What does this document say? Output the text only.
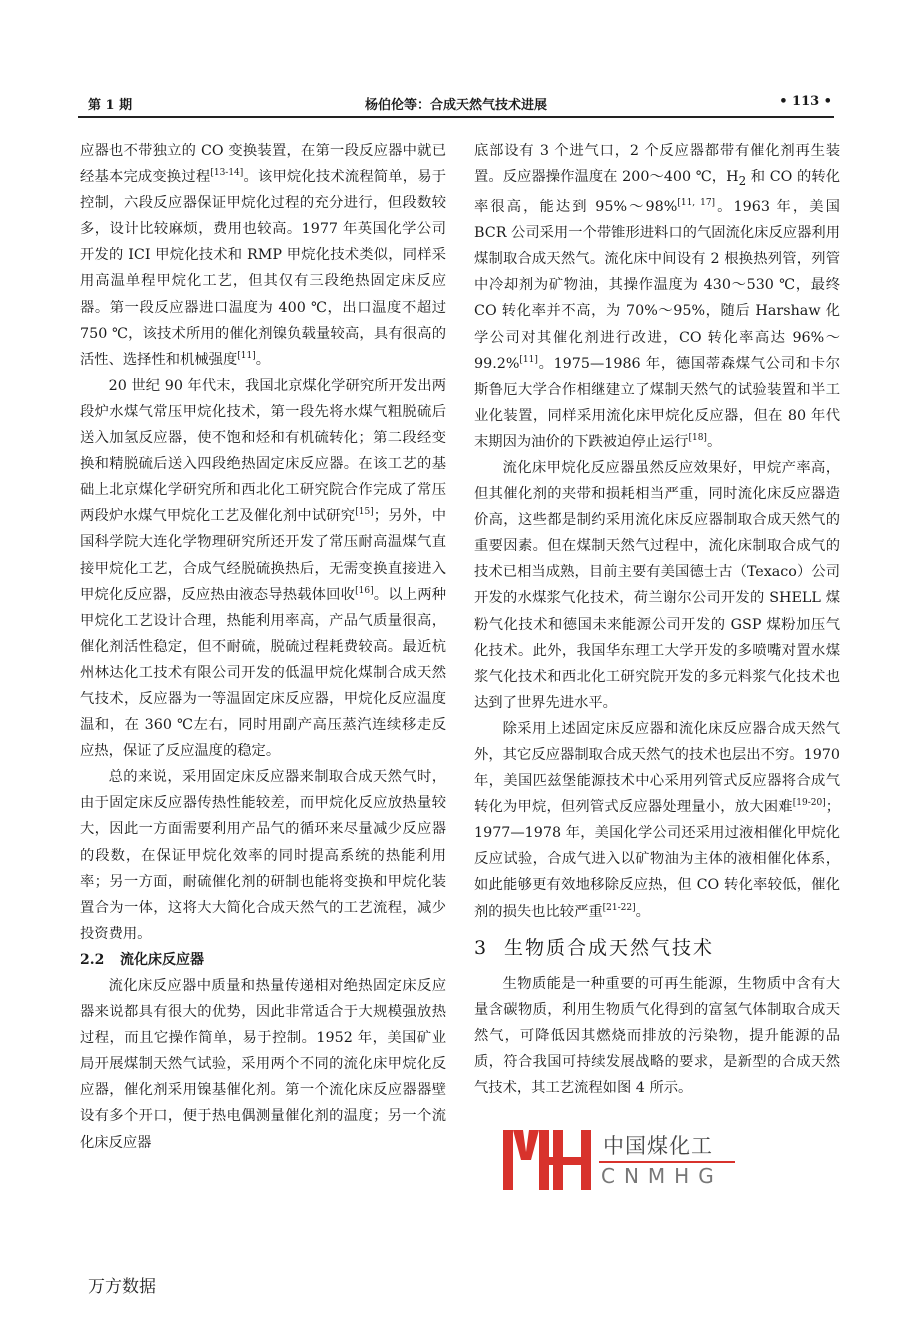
第 1 期	杨伯伦等：合成天然气技术进展	• 113 •

应器也不带独立的 CO 变换装置，在第一段反应器中就已经基本完成变换过程[13-14]。该甲烷化技术流程简单，易于控制，六段反应器保证甲烷化过程的充分进行，但段数较多，设计比较麻烦，费用也较高。1977 年英国化学公司开发的 ICI 甲烷化技术和 RMP 甲烷化技术类似，同样采用高温单程甲烷化工艺，但其仅有三段绝热固定床反应器。第一段反应器进口温度为 400 ℃，出口温度不超过 750 ℃，该技术所用的催化剂镍负载量较高，具有很高的活性、选择性和机械强度[11]。

20 世纪 90 年代末，我国北京煤化学研究所开发出两段炉水煤气常压甲烷化技术，第一段先将水煤气粗脱硫后送入加氢反应器，使不饱和烃和有机硫转化；第二段经变换和精脱硫后送入四段绝热固定床反应器。在该工艺的基础上北京煤化学研究所和西北化工研究院合作完成了常压两段炉水煤气甲烷化工艺及催化剂中试研究[15]；另外，中国科学院大连化学物理研究所还开发了常压耐高温煤气直接甲烷化工艺，合成气经脱硫换热后，无需变换直接进入甲烷化反应器，反应热由液态导热载体回收[16]。以上两种甲烷化工艺设计合理，热能利用率高，产品气质量很高，催化剂活性稳定，但不耐硫，脱硫过程耗费较高。最近杭州林达化工技术有限公司开发的低温甲烷化煤制合成天然气技术，反应器为一等温固定床反应器，甲烷化反应温度温和，在 360 ℃左右，同时用副产高压蒸汽连续移走反应热，保证了反应温度的稳定。

总的来说，采用固定床反应器来制取合成天然气时，由于固定床反应器传热性能较差，而甲烷化反应放热量较大，因此一方面需要利用产品气的循环来尽量减少反应器的段数，在保证甲烷化效率的同时提高系统的热能利用率；另一方面，耐硫催化剂的研制也能将变换和甲烷化装置合为一体，这将大大简化合成天然气的工艺流程，减少投资费用。

2.2 流化床反应器

流化床反应器中质量和热量传递相对绝热固定床反应器来说都具有很大的优势，因此非常适合于大规模强放热过程，而且它操作简单，易于控制。1952 年，美国矿业局开展煤制天然气试验，采用两个不同的流化床甲烷化反应器，催化剂采用镍基催化剂。第一个流化床反应器器壁设有多个开口，便于热电偶测量催化剂的温度；另一个流化床反应器

底部设有 3 个进气口，2 个反应器都带有催化剂再生装置。反应器操作温度在 200～400 ℃，$H_2$ 和 CO 的转化率很高，能达到 95%～98%[11, 17]。1963 年，美国 BCR 公司采用一个带锥形进料口的气固流化床反应器利用煤制取合成天然气。流化床中间设有 2 根换热列管，列管中冷却剂为矿物油，其操作温度为 430～530 ℃，最终 CO 转化率并不高，为 70%～95%，随后 Harshaw 化学公司对其催化剂进行改进，CO 转化率高达 96%～99.2%[11]。1975—1986 年，德国蒂森煤气公司和卡尔斯鲁厄大学合作相继建立了煤制天然气的试验装置和半工业化装置，同样采用流化床甲烷化反应器，但在 80 年代末期因为油价的下跌被迫停止运行[18]。

流化床甲烷化反应器虽然反应效果好，甲烷产率高，但其催化剂的夹带和损耗相当严重，同时流化床反应器造价高，这些都是制约采用流化床反应器制取合成天然气的重要因素。但在煤制天然气过程中，流化床制取合成气的技术已相当成熟，目前主要有美国德士古（Texaco）公司开发的水煤浆气化技术，荷兰谢尔公司开发的 SHELL 煤粉气化技术和德国未来能源公司开发的 GSP 煤粉加压气化技术。此外，我国华东理工大学开发的多喷嘴对置水煤浆气化技术和西北化工研究院开发的多元料浆气化技术也达到了世界先进水平。

除采用上述固定床反应器和流化床反应器合成天然气外，其它反应器制取合成天然气的技术也层出不穷。1970 年，美国匹兹堡能源技术中心采用列管式反应器将合成气转化为甲烷，但列管式反应器处理量小，放大困难[19-20]；1977—1978 年，美国化学公司还采用过液相催化甲烷化反应试验，合成气进入以矿物油为主体的液相催化体系，如此能够更有效地移除反应热，但 CO 转化率较低，催化剂的损失也比较严重[21-22]。

3 生物质合成天然气技术

生物质能是一种重要的可再生能源，生物质中含有大量含碳物质，利用生物质气化得到的富氢气体制取合成天然气，可降低因其燃烧而排放的污染物，提升能源的品质，符合我国可持续发展战略的要求，是新型的合成天然气技术，其工艺流程如图 4 所示。

中国煤化工
CNMHG
万方数据
